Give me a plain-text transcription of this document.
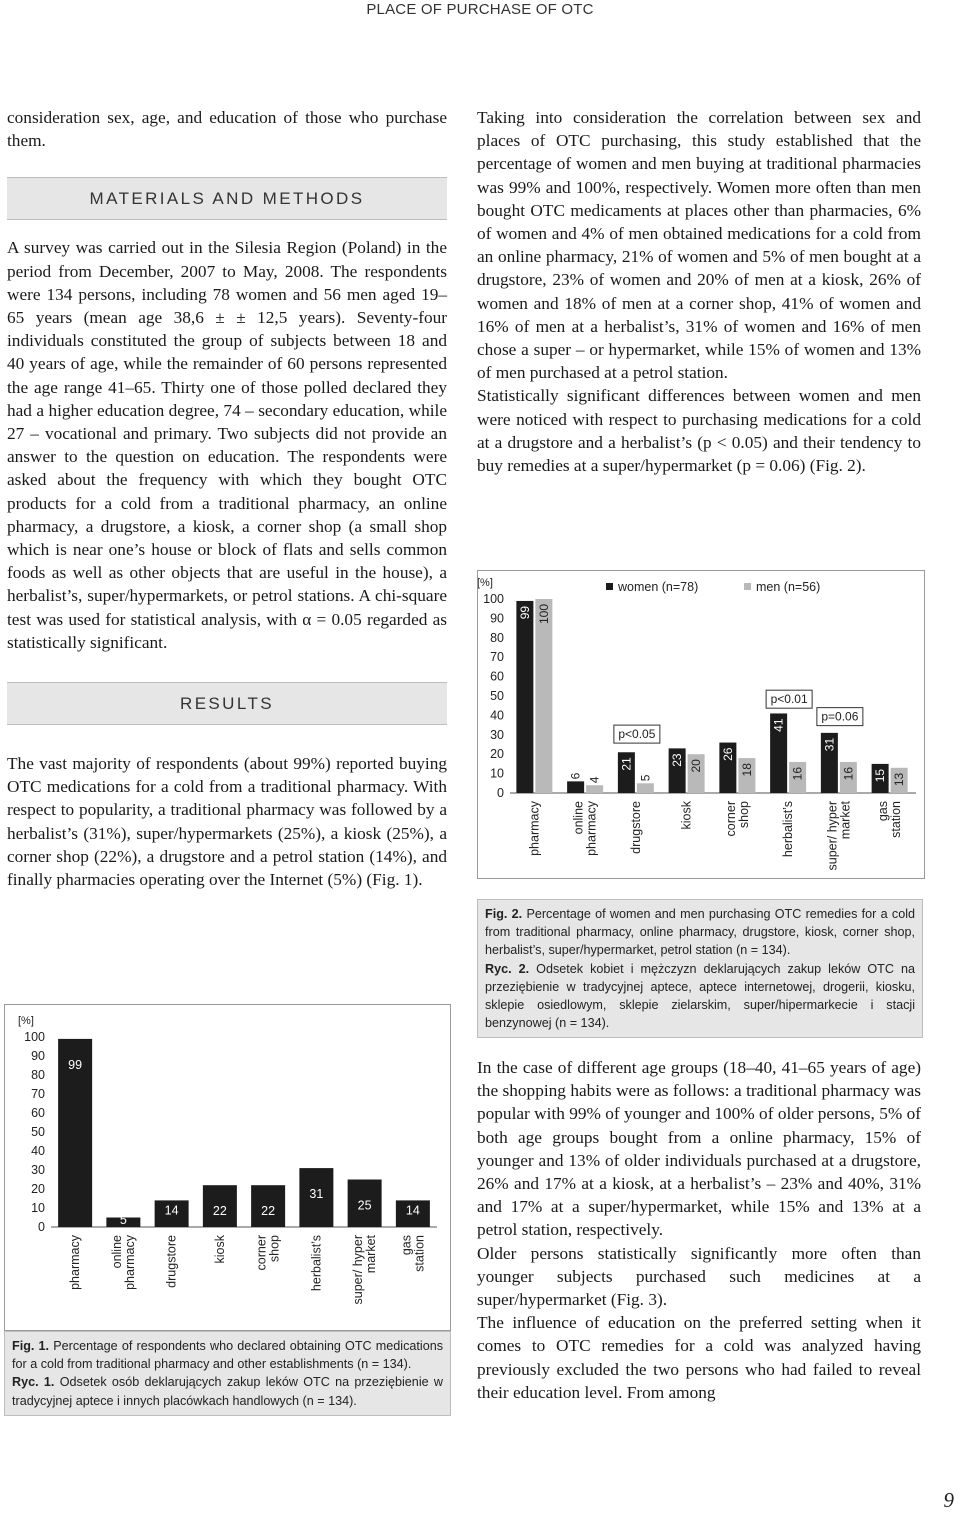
PLACE OF PURCHASE OF OTC

consideration sex, age, and education of those who purchase them.

MATERIALS AND METHODS

A survey was carried out in the Silesia Region (Poland) in the period from December, 2007 to May, 2008. The respondents were 134 persons, including 78 women and 56 men aged 19–65 years (mean age 38,6 ± ± 12,5 years). Seventy-four individuals constituted the group of subjects between 18 and 40 years of age, while the remainder of 60 persons represented the age range 41–65. Thirty one of those polled declared they had a higher education degree, 74 – secondary education, while 27 – vocational and primary. Two subjects did not provide an answer to the question on education. The respondents were asked about the frequency with which they bought OTC products for a cold from a traditional pharmacy, an online pharmacy, a drugstore, a kiosk, a corner shop (a small shop which is near one’s house or block of flats and sells common foods as well as other objects that are useful in the house), a herbalist’s, super/hypermarkets, or petrol stations. A chi-square test was used for statistical analysis, with α = 0.05 regarded as statistically significant.

RESULTS

The vast majority of respondents (about 99%) reported buying OTC medications for a cold from a traditional pharmacy. With respect to popularity, a traditional pharmacy was followed by a herbalist’s (31%), super/hypermarkets (25%), a kiosk (25%), a corner shop (22%), a drugstore and a petrol station (14%), and finally pharmacies operating over the Internet (5%) (Fig. 1).

[%]
0
10
20
30
40
50
60
70
80
90
100
99
pharmacy
5
onlinepharmacy
14
drugstore
22
kiosk
22
cornershop
31
herbalist’s
25
super/ hypermarket
14
gasstation
Fig. 1. Percentage of respondents who declared obtaining OTC medications for a cold from traditional pharmacy and other establishments (n = 134).
Ryc. 1. Odsetek osób deklarujących zakup leków OTC na przeziębienie w tradycyjnej aptece i innych placówkach handlowych (n = 134).

Taking into consideration the correlation between sex and places of OTC purchasing, this study established that the percentage of women and men buying at traditional pharmacies was 99% and 100%, respectively. Women more often than men bought OTC medicaments at places other than pharmacies, 6% of women and 4% of men obtained medications for a cold from an online pharmacy, 21% of women and 5% of men bought at a drugstore, 23% of women and 20% of men at a kiosk, 26% of women and 18% of men at a corner shop, 41% of women and 16% of men at a herbalist’s, 31% of women and 16% of men chose a super – or hypermarket, while 15% of women and 13% of men purchased at a petrol station.

Statistically significant differences between women and men were noticed with respect to purchasing medications for a cold at a drugstore and a herbalist’s (p < 0.05) and their tendency to buy remedies at a super/hypermarket (p = 0.06) (Fig. 2).

[%]
0
10
20
30
40
50
60
70
80
90
100
women (n=78)	men (n=56)
99 100
pharmacy
6
4
onlinepharmacy
21
5
drugstore
23 20
kiosk
26
18
cornershop
41
16
herbalist’s
31
16
super/ hypermarket
15 13
gasstation
p<0.05
p<0.01
p=0.06
Fig. 2. Percentage of women and men purchasing OTC remedies for a cold from traditional pharmacy, online pharmacy, drugstore, kiosk, corner shop, herbalist’s, super/hypermarket, petrol station (n = 134).
Ryc. 2. Odsetek kobiet i mężczyzn deklarujących zakup leków OTC na przeziębienie w tradycyjnej aptece, aptece internetowej, drogerii, kiosku, sklepie osiedlowym, sklepie zielarskim, super/hipermarkecie i stacji benzynowej (n = 134).

In the case of different age groups (18–40, 41–65 years of age) the shopping habits were as follows: a traditional pharmacy was popular with 99% of younger and 100% of older persons, 5% of both age groups bought from a online pharmacy, 15% of younger and 13% of older individuals purchased at a drugstore, 26% and 17% at a kiosk, at a herbalist’s – 23% and 40%, 31% and 17% at a super/hypermarket, while 15% and 13% at a petrol station, respectively.

Older persons statistically significantly more often than younger subjects purchased such medicines at a super/hypermarket (Fig. 3).

The influence of education on the preferred setting when it comes to OTC remedies for a cold was analyzed having previously excluded the two persons who had failed to reveal their education level. From among

9
